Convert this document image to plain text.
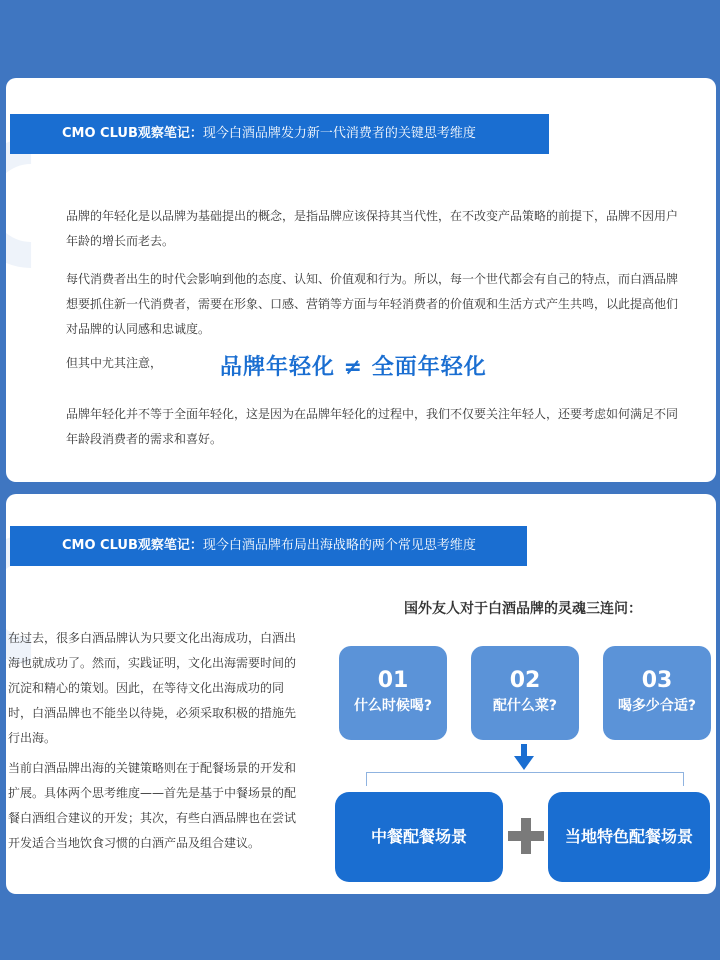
CMO CLUB观察笔记：现今白酒品牌发力新一代消费者的关键思考维度

品牌的年轻化是以品牌为基础提出的概念，是指品牌应该保持其当代性，在不改变产品策略的前提下，品牌不因用户年龄的增长而老去。

每代消费者出生的时代会影响到他的态度、认知、价值观和行为。所以，每一个世代都会有自己的特点，而白酒品牌想要抓住新一代消费者，需要在形象、口感、营销等方面与年轻消费者的价值观和生活方式产生共鸣，以此提高他们对品牌的认同感和忠诚度。

但其中尤其注意，	品牌年轻化 ≠ 全面年轻化

品牌年轻化并不等于全面年轻化，这是因为在品牌年轻化的过程中，我们不仅要关注年轻人，还要考虑如何满足不同年龄段消费者的需求和喜好。

CMO CLUB观察笔记：现今白酒品牌布局出海战略的两个常见思考维度

在过去，很多白酒品牌认为只要文化出海成功，白酒出海也就成功了。然而，实践证明，文化出海需要时间的沉淀和精心的策划。因此，在等待文化出海成功的同时，白酒品牌也不能坐以待毙，必须采取积极的措施先行出海。

当前白酒品牌出海的关键策略则在于配餐场景的开发和扩展。具体两个思考维度——首先是基于中餐场景的配餐白酒组合建议的开发；其次，有些白酒品牌也在尝试开发适合当地饮食习惯的白酒产品及组合建议。

国外友人对于白酒品牌的灵魂三连问：
01
什么时候喝?
02
配什么菜?
03
喝多少合适?
中餐配餐场景	当地特色配餐场景
